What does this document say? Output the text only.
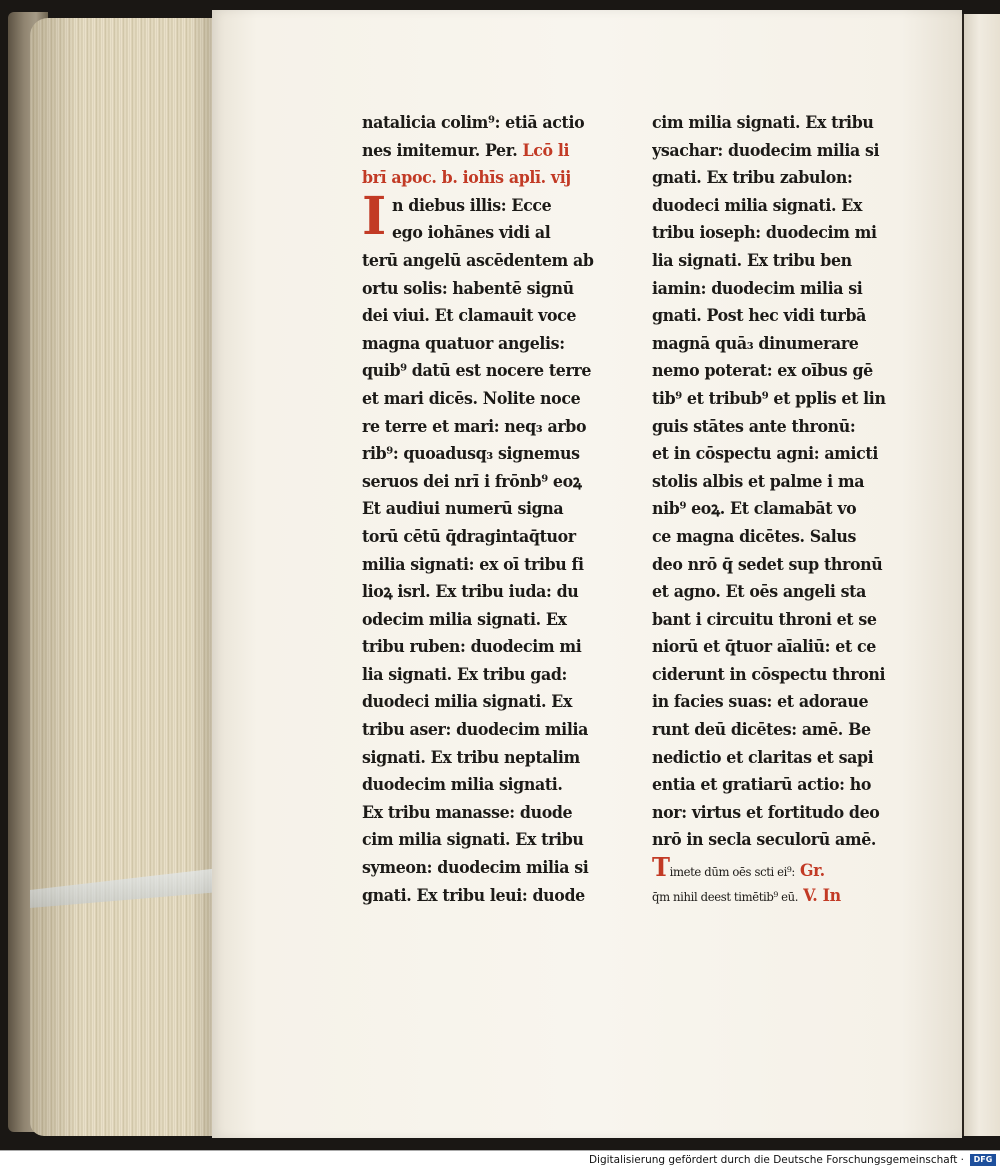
natalicia colim⁹: etiā actio
nes imitemur. Per. Lcō li
brī apoc. b. iohīs aplī. vij
I n diebus illis: Ecce
ego iohānes vidi al
terū angelū ascēdentem ab
ortu solis: habentē signū
dei viui. Et clamauit voce
magna quatuor angelis:
quib⁹ datū est nocere terre
et mari dicēs. Nolite noce
re terre et mari: neq₃ arbo
rib⁹: quoadusq₃ signemus
seruos dei nrī i frōnb⁹ eoꝝ
Et audiui numerū signa
torū cētū q̄dragintaq̄tuor
milia signati: ex oī tribu fi
lioꝝ isrl. Ex tribu iuda: du
odecim milia signati. Ex
tribu ruben: duodecim mi
lia signati. Ex tribu gad:
duodeci milia signati. Ex
tribu aser: duodecim milia
signati. Ex tribu neptalim
duodecim milia signati.
Ex tribu manasse: duode
cim milia signati. Ex tribu
symeon: duodecim milia si
gnati. Ex tribu leui: duode
cim milia signati. Ex tribu
ysachar: duodecim milia si
gnati. Ex tribu zabulon:
duodeci milia signati. Ex
tribu ioseph: duodecim mi
lia signati. Ex tribu ben
iamin: duodecim milia si
gnati. Post hec vidi turbā
magnā quā₃ dinumerare
nemo poterat: ex oībus gē
tib⁹ et tribub⁹ et pplis et lin
guis stātes ante thronū:
et in cōspectu agni: amicti
stolis albis et palme i ma
nib⁹ eoꝝ. Et clamabāt vo
ce magna dicētes. Salus
deo nrō q̄ sedet sup thronū
et agno. Et oēs angeli sta
bant i circuitu throni et se
niorū et q̄tuor aīaliū: et ce
ciderunt in cōspectu throni
in facies suas: et adoraue
runt deū dicētes: amē. Be
nedictio et claritas et sapi
entia et gratiarū actio: ho
nor: virtus et fortitudo deo
nrō in secla seculorū amē.
Timete dūm oēs scti ei⁹: Gr.
q̄m nihil deest timētib⁹ eū. V. In
Digitalisierung gefördert durch die Deutsche Forschungsgemeinschaft ·	DFG
